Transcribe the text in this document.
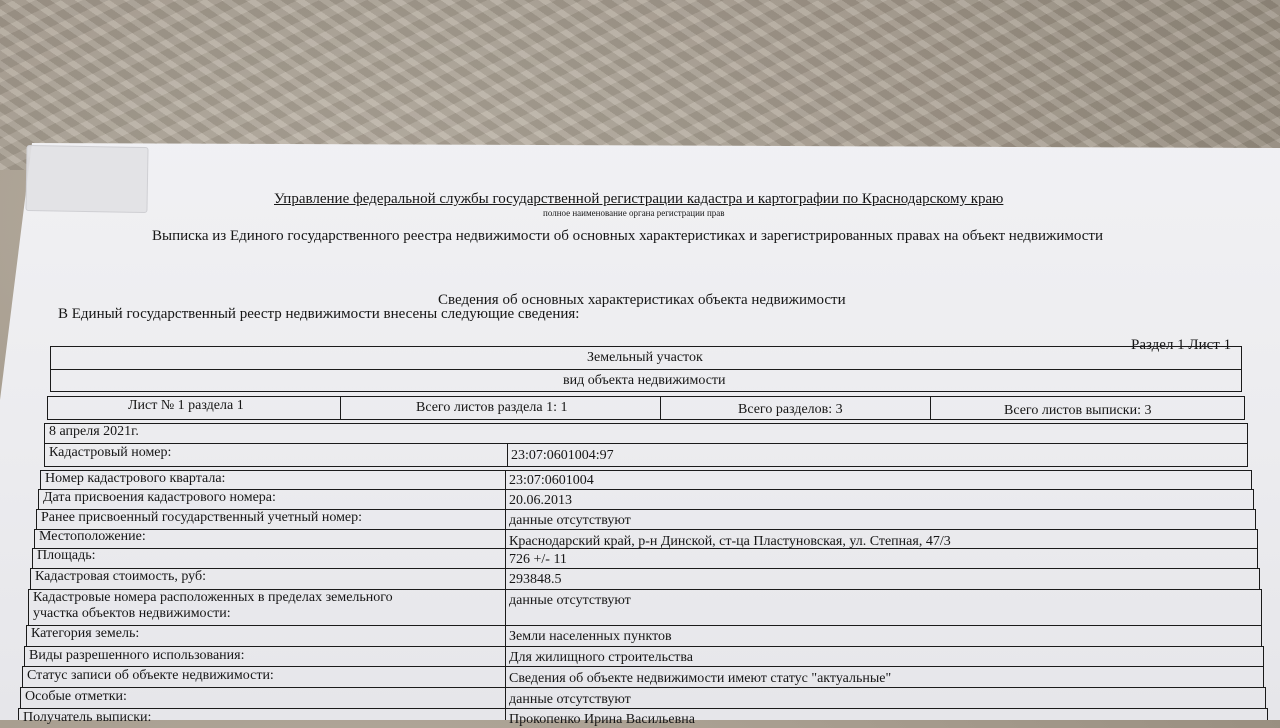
Управление федеральной службы государственной регистрации кадастра и картографии по Краснодарскому краю
полное наименование органа регистрации прав
Выписка из Единого государственного реестра недвижимости об основных характеристиках и зарегистрированных правах на объект недвижимости
Сведения об основных характеристиках объекта недвижимости
В Единый государственный реестр недвижимости внесены следующие сведения:
Раздел 1 Лист 1
Земельный участок
вид объекта недвижимости
Лист № 1 раздела 1	Всего листов раздела 1: 1	Всего разделов: 3	Всего листов выписки: 3
8 апреля 2021г.
Кадастровый номер:	23:07:0601004:97
Номер кадастрового квартала:	23:07:0601004
Дата присвоения кадастрового номера:	20.06.2013
Ранее присвоенный государственный учетный номер:	данные отсутствуют
Местоположение:	Краснодарский край, р-н Динской, ст-ца Пластуновская, ул. Степная, 47/3
Площадь:	726 +/- 11
Кадастровая стоимость, руб:	293848.5
Кадастровые номера расположенных в пределах земельного
участка объектов недвижимости:
данные отсутствуют
Категория земель:	Земли населенных пунктов
Виды разрешенного использования:	Для жилищного строительства
Статус записи об объекте недвижимости:	Сведения об объекте недвижимости имеют статус "актуальные"
Особые отметки:	данные отсутствуют
Получатель выписки:	Прокопенко Ирина Васильевна
